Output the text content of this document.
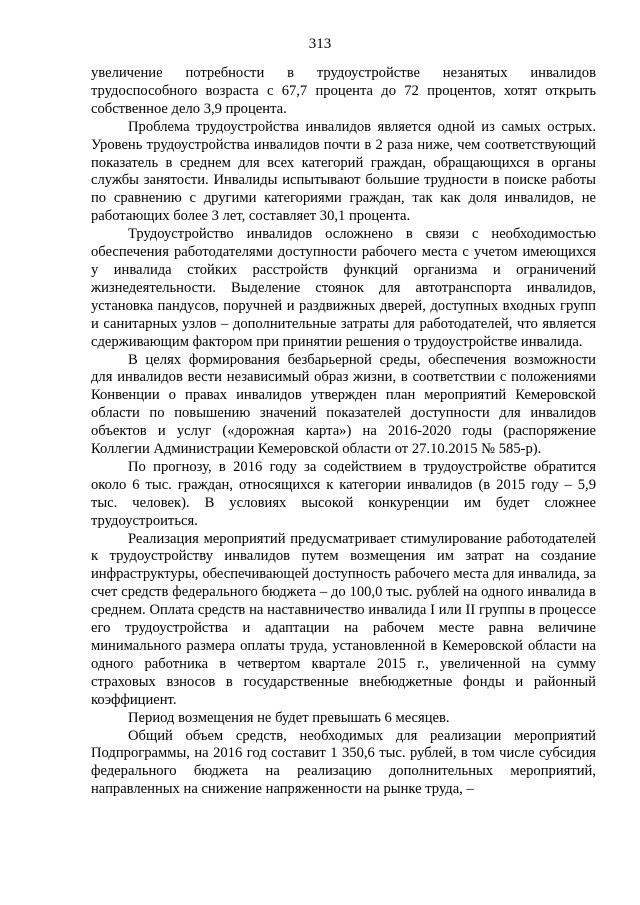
313

увеличение потребности в трудоустройстве незанятых инвалидов трудоспособного возраста с 67,7 процента до 72 процентов, хотят открыть собственное дело 3,9 процента.

Проблема трудоустройства инвалидов является одной из самых острых. Уровень трудоустройства инвалидов почти в 2 раза ниже, чем соответствующий показатель в среднем для всех категорий граждан, обращающихся в органы службы занятости. Инвалиды испытывают большие трудности в поиске работы по сравнению с другими категориями граждан, так как доля инвалидов, не работающих более 3 лет, составляет 30,1 процента.

Трудоустройство инвалидов осложнено в связи с необходимостью обеспечения работодателями доступности рабочего места с учетом имеющихся у инвалида стойких расстройств функций организма и ограничений жизнедеятельности. Выделение стоянок для автотранспорта инвалидов, установка пандусов, поручней и раздвижных дверей, доступных входных групп и санитарных узлов – дополнительные затраты для работодателей, что является сдерживающим фактором при принятии решения о трудоустройстве инвалида.

В целях формирования безбарьерной среды, обеспечения возможности для инвалидов вести независимый образ жизни, в соответствии с положениями Конвенции о правах инвалидов утвержден план мероприятий Кемеровской области по повышению значений показателей доступности для инвалидов объектов и услуг («дорожная карта») на 2016-2020 годы (распоряжение Коллегии Администрации Кемеровской области от 27.10.2015 № 585-р).

По прогнозу, в 2016 году за содействием в трудоустройстве обратится около 6 тыс. граждан, относящихся к категории инвалидов (в 2015 году – 5,9 тыс. человек). В условиях высокой конкуренции им будет сложнее трудоустроиться.

Реализация мероприятий предусматривает стимулирование работодателей к трудоустройству инвалидов путем возмещения им затрат на создание инфраструктуры, обеспечивающей доступность рабочего места для инвалида, за счет средств федерального бюджета – до 100,0 тыс. рублей на одного инвалида в среднем. Оплата средств на наставничество инвалида I или II группы в процессе его трудоустройства и адаптации на рабочем месте равна величине минимального размера оплаты труда, установленной в Кемеровской области на одного работника в четвертом квартале 2015 г., увеличенной на сумму страховых взносов в государственные внебюджетные фонды и районный коэффициент.

Период возмещения не будет превышать 6 месяцев.

Общий объем средств, необходимых для реализации мероприятий Подпрограммы, на 2016 год составит 1 350,6 тыс. рублей, в том числе субсидия федерального бюджета на реализацию дополнительных мероприятий, направленных на снижение напряженности на рынке труда, –
